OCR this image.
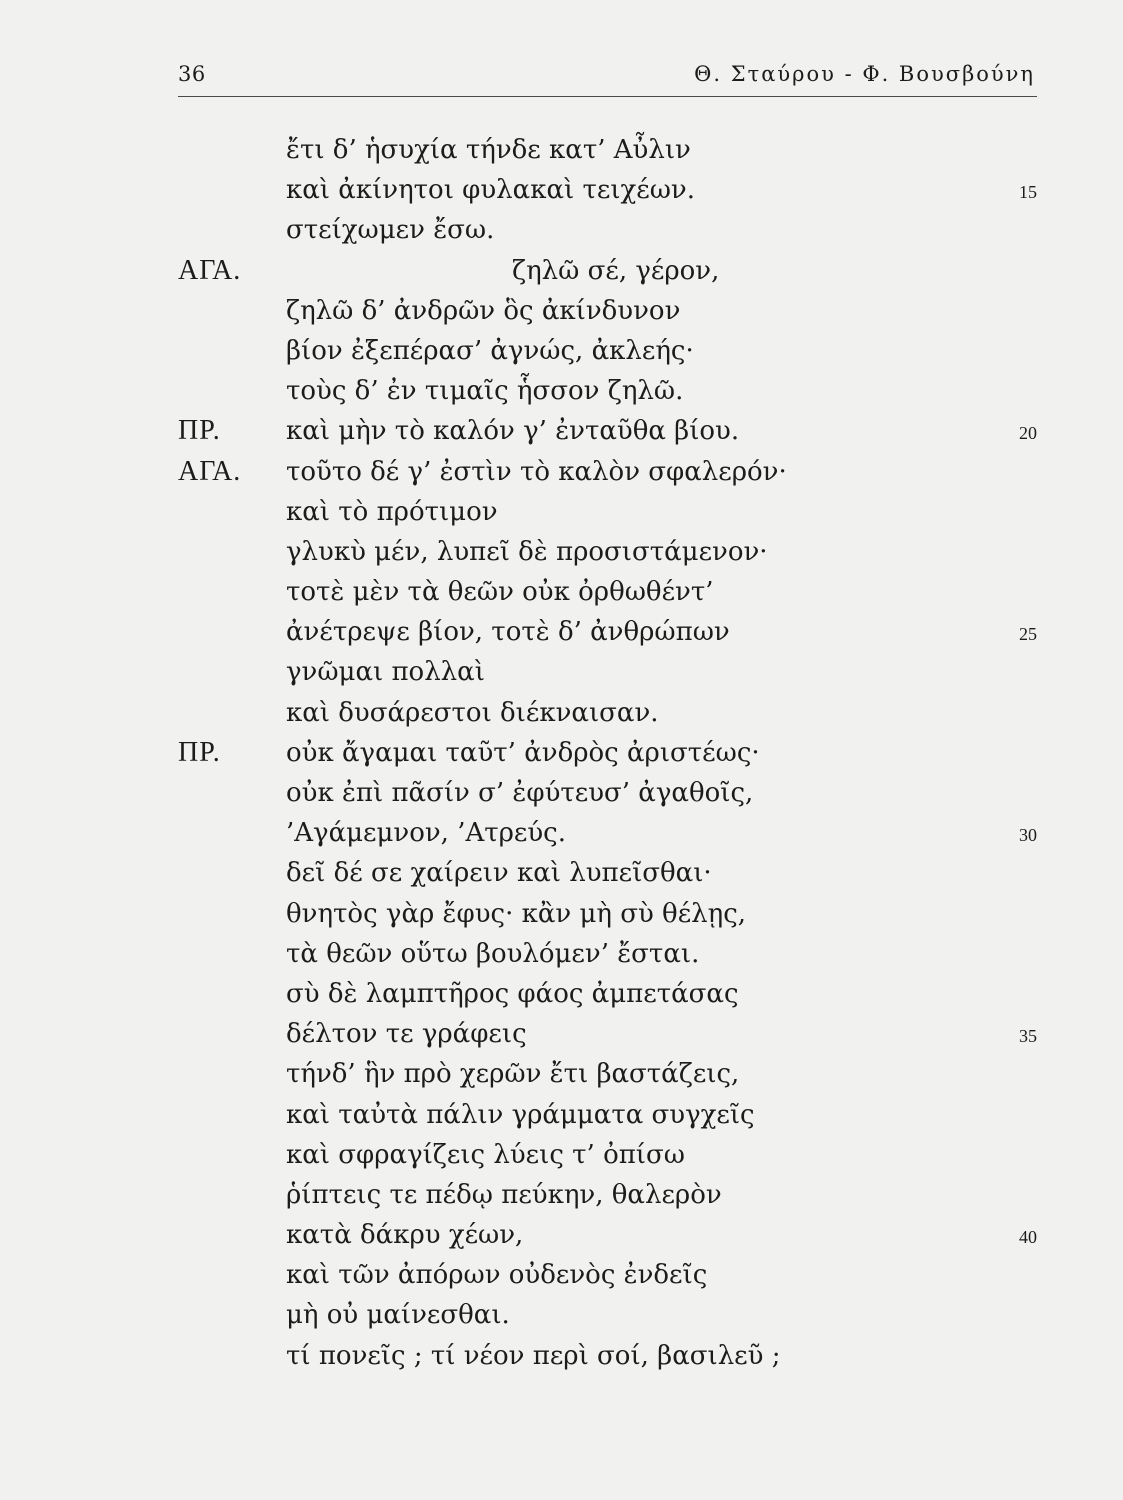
36	Θ. Σταύρου - Φ. Βουσβούνη
ἔτι δ’ ἡσυχία τήνδε κατ’ Αὖλιν
καὶ ἀκίνητοι φυλακαὶ τειχέων.	15
στείχωμεν ἔσω.
ΑΓΑ.	ζηλῶ σέ, γέρον,
ζηλῶ δ’ ἀνδρῶν ὃς ἀκίνδυνον
βίον ἐξεπέρασ’ ἀγνώς, ἀκλεής·
τοὺς δ’ ἐν τιμαῖς ἧσσον ζηλῶ.
ΠΡ.	καὶ μὴν τὸ καλόν γ’ ἐνταῦθα βίου.	20
ΑΓΑ. τοῦτο δέ γ’ ἐστὶν τὸ καλὸν σφαλερόν·
καὶ τὸ πρότιμον
γλυκὺ μέν, λυπεῖ δὲ προσιστάμενον·
τοτὲ μὲν τὰ θεῶν οὐκ ὀρθωθέντ’
ἀνέτρεψε βίον, τοτὲ δ’ ἀνθρώπων	25
γνῶμαι πολλαὶ
καὶ δυσάρεστοι διέκναισαν.
ΠΡ.	οὐκ ἄγαμαι ταῦτ’ ἀνδρὸς ἀριστέως·
οὐκ ἐπὶ πᾶσίν σ’ ἐφύτευσ’ ἀγαθοῖς,
’Αγάμεμνον, ’Ατρεύς.	30
δεῖ δέ σε χαίρειν καὶ λυπεῖσθαι·
θνητὸς γὰρ ἔφυς· κἂν μὴ σὺ θέλῃς,
τὰ θεῶν οὕτω βουλόμεν’ ἔσται.
σὺ δὲ λαμπτῆρος φάος ἀμπετάσας
δέλτον τε γράφεις	35
τήνδ’ ἣν πρὸ χερῶν ἔτι βαστάζεις,
καὶ ταὐτὰ πάλιν γράμματα συγχεῖς
καὶ σφραγίζεις λύεις τ’ ὀπίσω
ῥίπτεις τε πέδῳ πεύκην, θαλερὸν
κατὰ δάκρυ χέων,	40
καὶ τῶν ἀπόρων οὐδενὸς ἐνδεῖς
μὴ οὐ μαίνεσθαι.
τί πονεῖς ; τί νέον περὶ σοί, βασιλεῦ ;
